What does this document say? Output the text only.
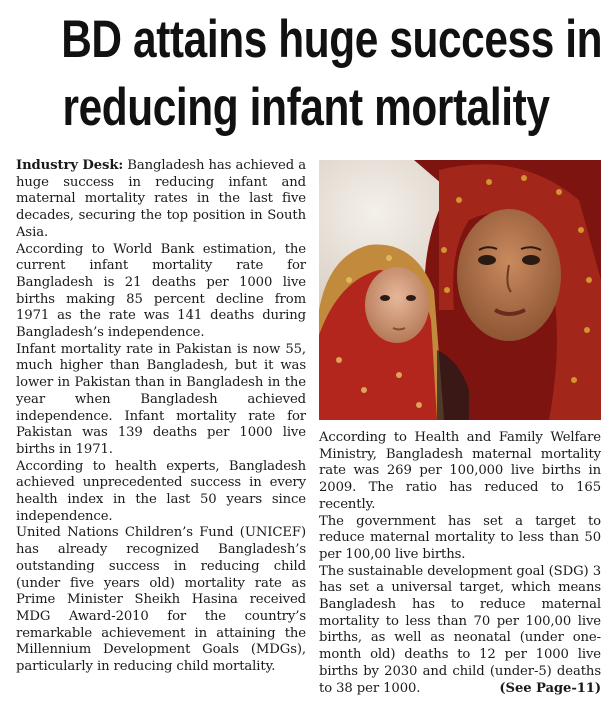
BD attains huge success in
reducing infant mortality

Industry Desk: Bangladesh has achieved a huge success in reducing infant and maternal mortality rates in the last five decades, securing the top position in South Asia.

According to World Bank estimation, the current infant mortality rate for Bangladesh is 21 deaths per 1000 live births making 85 percent decline from 1971 as the rate was 141 deaths during Bangladesh’s independence.

Infant mortality rate in Pakistan is now 55, much higher than Bangladesh, but it was lower in Pakistan than in Bangladesh in the year when Bangladesh achieved independence. Infant mortality rate for Pakistan was 139 deaths per 1000 live births in 1971.

According to health experts, Bangladesh achieved unprecedented success in every health index in the last 50 years since independence.

United Nations Children’s Fund (UNICEF) has already recognized Bangladesh’s outstanding success in reducing child (under five years old) mortality rate as Prime Minister Sheikh Hasina received MDG Award-2010 for the country’s remarkable achievement in attaining the Millennium Development Goals (MDGs), particularly in reducing child mortality.

According to Health and Family Welfare Ministry, Bangladesh maternal mortality rate was 269 per 100,000 live births in 2009. The ratio has reduced to 165 recently.

The government has set a target to reduce maternal mortality to less than 50 per 100,00 live births.

The sustainable development goal (SDG) 3 has set a universal target, which means Bangladesh has to reduce maternal mortality to less than 70 per 100,00 live births, as well as neonatal (under one-month old) deaths to 12 per 1000 live births by 2030 and child (under-5) deaths to 38 per 1000.	(See Page-11)
